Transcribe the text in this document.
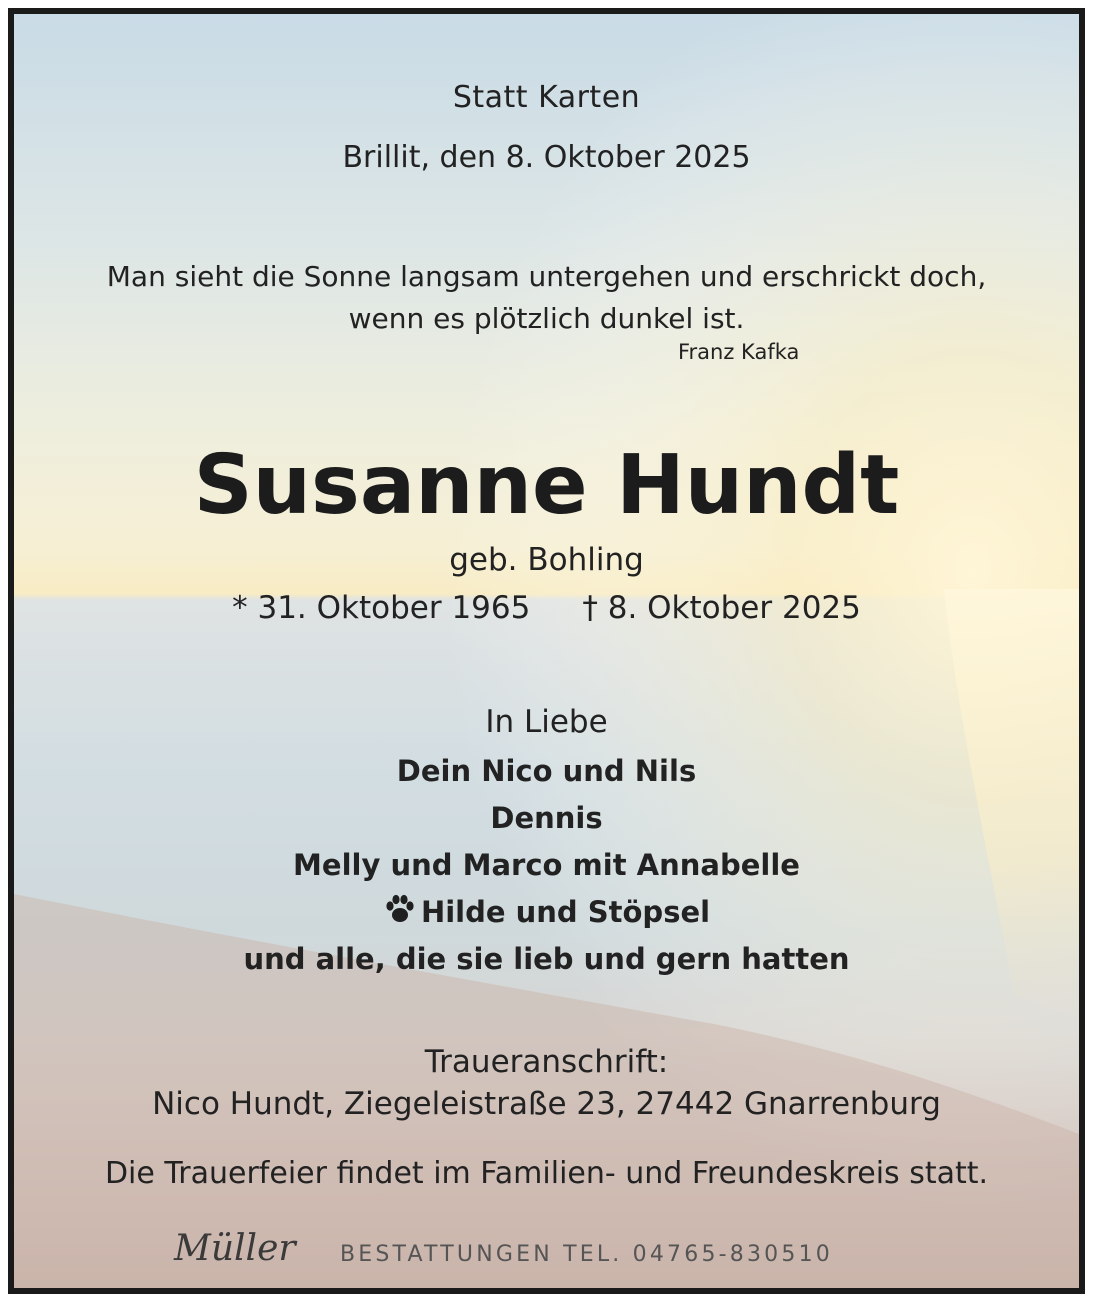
Statt Karten
Brillit, den 8. Oktober 2025
Man sieht die Sonne langsam untergehen und erschrickt doch,
wenn es plötzlich dunkel ist.
Franz Kafka
Susanne Hundt
geb. Bohling
* 31. Oktober 1965 † 8. Oktober 2025
In Liebe
Dein Nico und Nils
Dennis
Melly und Marco mit Annabelle
Hilde und Stöpsel
und alle, die sie lieb und gern hatten
Traueranschrift:
Nico Hundt, Ziegeleistraße 23, 27442 Gnarrenburg
Die Trauerfeier findet im Familien- und Freundeskreis statt.
Müller BESTATTUNGEN TEL. 04765-830510
